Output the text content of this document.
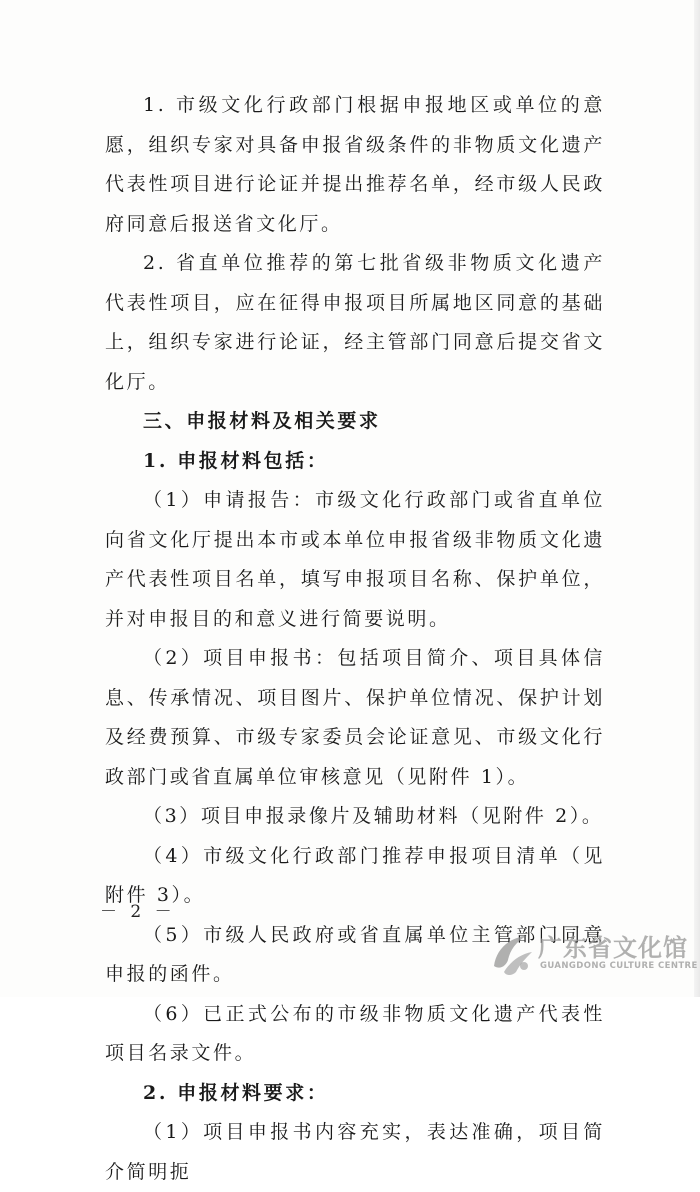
1. 市级文化行政部门根据申报地区或单位的意愿，组织专家对具备申报省级条件的非物质文化遗产代表性项目进行论证并提出推荐名单，经市级人民政府同意后报送省文化厅。

2. 省直单位推荐的第七批省级非物质文化遗产代表性项目，应在征得申报项目所属地区同意的基础上，组织专家进行论证，经主管部门同意后提交省文化厅。

三、申报材料及相关要求

1. 申报材料包括：

（1）申请报告：市级文化行政部门或省直单位向省文化厅提出本市或本单位申报省级非物质文化遗产代表性项目名单，填写申报项目名称、保护单位，并对申报目的和意义进行简要说明。

（2）项目申报书：包括项目简介、项目具体信息、传承情况、项目图片、保护单位情况、保护计划及经费预算、市级专家委员会论证意见、市级文化行政部门或省直属单位审核意见（见附件 1）。

（3）项目申报录像片及辅助材料（见附件 2）。

（4）市级文化行政部门推荐申报项目清单（见附件 3）。

（5）市级人民政府或省直属单位主管部门同意申报的函件。

（6）已正式公布的市级非物质文化遗产代表性项目名录文件。

2. 申报材料要求：

（1）项目申报书内容充实，表达准确，项目简介简明扼

－ 2 －
广东省文化馆
GUANGDONG CULTURE CENTRE
